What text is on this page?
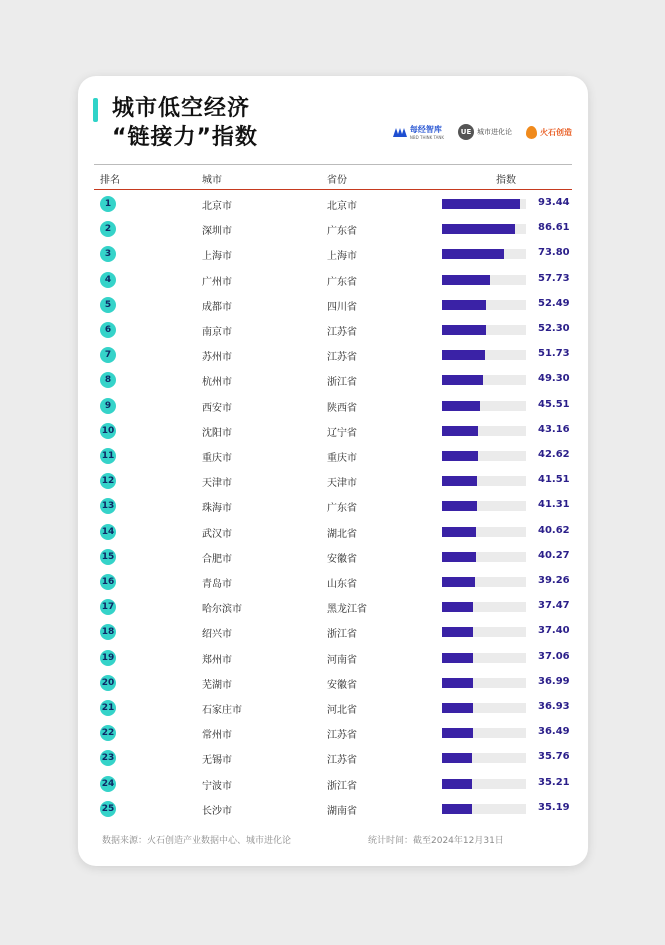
城市低空经济
“链接力”指数	每经智库
NBD THINK TANK
UE 城市进化论	火石创造
排名	城市	省份	指数
1	北京市	北京市	93.44
2	深圳市	广东省	86.61
3	上海市	上海市	73.80
4	广州市	广东省	57.73
5	成都市	四川省	52.49
6	南京市	江苏省	52.30
7	苏州市	江苏省	51.73
8	杭州市	浙江省	49.30
9	西安市	陕西省	45.51
10	沈阳市	辽宁省	43.16
11	重庆市	重庆市	42.62
12	天津市	天津市	41.51
13	珠海市	广东省	41.31
14	武汉市	湖北省	40.62
15	合肥市	安徽省	40.27
16	青岛市	山东省	39.26
17	哈尔滨市	黑龙江省	37.47
18	绍兴市	浙江省	37.40
19	郑州市	河南省	37.06
20	芜湖市	安徽省	36.99
21	石家庄市	河北省	36.93
22	常州市	江苏省	36.49
23	无锡市	江苏省	35.76
24	宁波市	浙江省	35.21
25	长沙市	湖南省	35.19
数据来源：火石创造产业数据中心、城市进化论	统计时间：截至2024年12月31日
